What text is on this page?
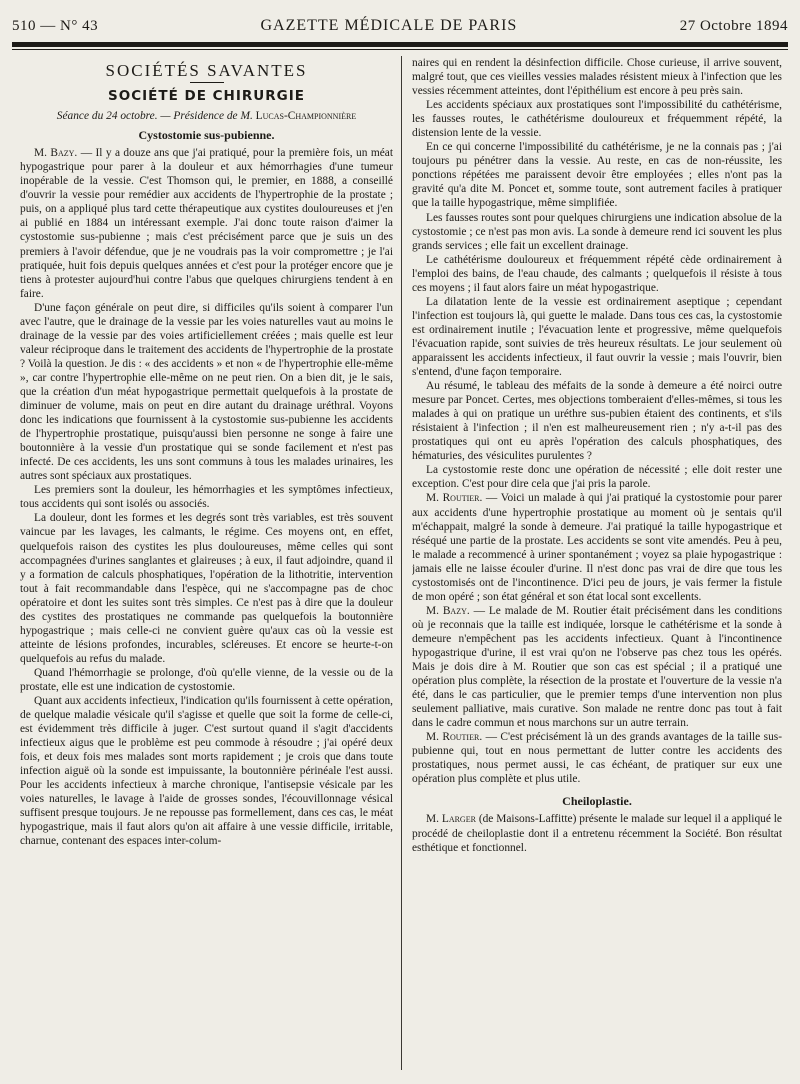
510 — N° 43	GAZETTE MÉDICALE DE PARIS	27 Octobre 1894
SOCIÉTÉS SAVANTES
SOCIÉTÉ DE CHIRURGIE
Séance du 24 octobre. — Présidence de M. Lucas-Championnière
Cystostomie sus-pubienne.

M. Bazy. — Il y a douze ans que j'ai pratiqué, pour la première fois, un méat hypogastrique pour parer à la douleur et aux hémorrhagies d'une tumeur inopérable de la vessie. C'est Thomson qui, le premier, en 1888, a conseillé d'ouvrir la vessie pour remédier aux accidents de l'hypertrophie de la prostate ; puis, on a appliqué plus tard cette thérapeutique aux cystites douloureuses et j'en ai publié en 1884 un intéressant exemple. J'ai donc toute raison d'aimer la cystostomie sus-pubienne ; mais c'est précisément parce que je suis un des premiers à l'avoir défendue, que je ne voudrais pas la voir compromettre ; je l'ai pratiquée, huit fois depuis quelques années et c'est pour la protéger encore que je tiens à protester aujourd'hui contre l'abus que quelques chirurgiens tendent à en faire.

D'une façon générale on peut dire, si difficiles qu'ils soient à comparer l'un avec l'autre, que le drainage de la vessie par les voies naturelles vaut au moins le drainage de la vessie par des voies artificiellement créées ; mais quelle est leur valeur réciproque dans le traitement des accidents de l'hypertrophie de la prostate ? Voilà la question. Je dis : « des accidents » et non « de l'hypertrophie elle-même », car contre l'hypertrophie elle-même on ne peut rien. On a bien dit, je le sais, que la création d'un méat hypogastrique permettait quelquefois à la prostate de diminuer de volume, mais on peut en dire autant du drainage uréthral. Voyons donc les indications que fournissent à la cystostomie sus-pubienne les accidents de l'hypertrophie prostatique, puisqu'aussi bien personne ne songe à faire une boutonnière à la vessie d'un prostatique qui se sonde facilement et n'est pas infecté. De ces accidents, les uns sont communs à tous les malades urinaires, les autres sont spéciaux aux prostatiques.

Les premiers sont la douleur, les hémorrhagies et les symptômes infectieux, tous accidents qui sont isolés ou associés.

La douleur, dont les formes et les degrés sont très variables, est très souvent vaincue par les lavages, les calmants, le régime. Ces moyens ont, en effet, quelquefois raison des cystites les plus douloureuses, même celles qui sont accompagnées d'urines sanglantes et glaireuses ; à eux, il faut adjoindre, quand il y a formation de calculs phosphatiques, l'opération de la lithotritie, intervention tout à fait recommandable dans l'espèce, qui ne s'accompagne pas de choc opératoire et dont les suites sont très simples. Ce n'est pas à dire que la douleur des cystites des prostatiques ne commande pas quelquefois la boutonnière hypogastrique ; mais celle-ci ne convient guère qu'aux cas où la vessie est atteinte de lésions profondes, incurables, scléreuses. Et encore se heurte-t-on quelquefois au refus du malade.

Quand l'hémorrhagie se prolonge, d'où qu'elle vienne, de la vessie ou de la prostate, elle est une indication de cystostomie.

Quant aux accidents infectieux, l'indication qu'ils fournissent à cette opération, de quelque maladie vésicale qu'il s'agisse et quelle que soit la forme de celle-ci, est évidemment très difficile à juger. C'est surtout quand il s'agit d'accidents infectieux aigus que le problème est peu commode à résoudre ; j'ai opéré deux fois, et deux fois mes malades sont morts rapidement ; je crois que dans toute infection aiguë où la sonde est impuissante, la boutonnière périnéale l'est aussi. Pour les accidents infectieux à marche chronique, l'antisepsie vésicale par les voies naturelles, le lavage à l'aide de grosses sondes, l'écouvillonnage vésical suffisent presque toujours. Je ne repousse pas formellement, dans ces cas, le méat hypogastrique, mais il faut alors qu'on ait affaire à une vessie difficile, irritable, charnue, contenant des espaces inter-colum-

naires qui en rendent la désinfection difficile. Chose curieuse, il arrive souvent, malgré tout, que ces vieilles vessies malades résistent mieux à l'infection que les vessies récemment atteintes, dont l'épithélium est encore à peu près sain.

Les accidents spéciaux aux prostatiques sont l'impossibilité du cathétérisme, les fausses routes, le cathétérisme douloureux et fréquemment répété, la distension lente de la vessie.

En ce qui concerne l'impossibilité du cathétérisme, je ne la connais pas ; j'ai toujours pu pénétrer dans la vessie. Au reste, en cas de non-réussite, les ponctions répétées me paraissent devoir être employées ; elles n'ont pas la gravité qu'a dite M. Poncet et, somme toute, sont autrement faciles à pratiquer que la taille hypogastrique, même simplifiée.

Les fausses routes sont pour quelques chirurgiens une indication absolue de la cystostomie ; ce n'est pas mon avis. La sonde à demeure rend ici souvent les plus grands services ; elle fait un excellent drainage.

Le cathétérisme douloureux et fréquemment répété cède ordinairement à l'emploi des bains, de l'eau chaude, des calmants ; quelquefois il résiste à tous ces moyens ; il faut alors faire un méat hypogastrique.

La dilatation lente de la vessie est ordinairement aseptique ; cependant l'infection est toujours là, qui guette le malade. Dans tous ces cas, la cystostomie est ordinairement inutile ; l'évacuation lente et progressive, même quelquefois l'évacuation rapide, sont suivies de très heureux résultats. Le jour seulement où apparaissent les accidents infectieux, il faut ouvrir la vessie ; mais l'ouvrir, bien s'entend, d'une façon temporaire.

Au résumé, le tableau des méfaits de la sonde à demeure a été noirci outre mesure par Poncet. Certes, mes objections tomberaient d'elles-mêmes, si tous les malades à qui on pratique un uréthre sus-pubien étaient des continents, et s'ils résistaient à l'infection ; il n'en est malheureusement rien ; n'y a-t-il pas des prostatiques qui ont eu après l'opération des calculs phosphatiques, des hématuries, des vésiculites purulentes ?

La cystostomie reste donc une opération de nécessité ; elle doit rester une exception. C'est pour dire cela que j'ai pris la parole.

M. Routier. — Voici un malade à qui j'ai pratiqué la cystostomie pour parer aux accidents d'une hypertrophie prostatique au moment où je sentais qu'il m'échappait, malgré la sonde à demeure. J'ai pratiqué la taille hypogastrique et réséqué une partie de la prostate. Les accidents se sont vite amendés. Peu à peu, le malade a recommencé à uriner spontanément ; voyez sa plaie hypogastrique : jamais elle ne laisse écouler d'urine. Il n'est donc pas vrai de dire que tous les cystostomisés ont de l'incontinence. D'ici peu de jours, je vais fermer la fistule de mon opéré ; son état général et son état local sont excellents.

M. Bazy. — Le malade de M. Routier était précisément dans les conditions où je reconnais que la taille est indiquée, lorsque le cathétérisme et la sonde à demeure n'empêchent pas les accidents infectieux. Quant à l'incontinence hypogastrique d'urine, il est vrai qu'on ne l'observe pas chez tous les opérés. Mais je dois dire à M. Routier que son cas est spécial ; il a pratiqué une opération plus complète, la résection de la prostate et l'ouverture de la vessie n'a été, dans le cas particulier, que le premier temps d'une intervention non plus seulement palliative, mais curative. Son malade ne rentre donc pas tout à fait dans le cadre commun et nous marchons sur un autre terrain.

M. Routier. — C'est précisément là un des grands avantages de la taille sus-pubienne qui, tout en nous permettant de lutter contre les accidents des prostatiques, nous permet aussi, le cas échéant, de pratiquer sur eux une opération plus complète et plus utile.

Cheiloplastie.

M. Larger (de Maisons-Laffitte) présente le malade sur lequel il a appliqué le procédé de cheiloplastie dont il a entretenu récemment la Société. Bon résultat esthétique et fonctionnel.
